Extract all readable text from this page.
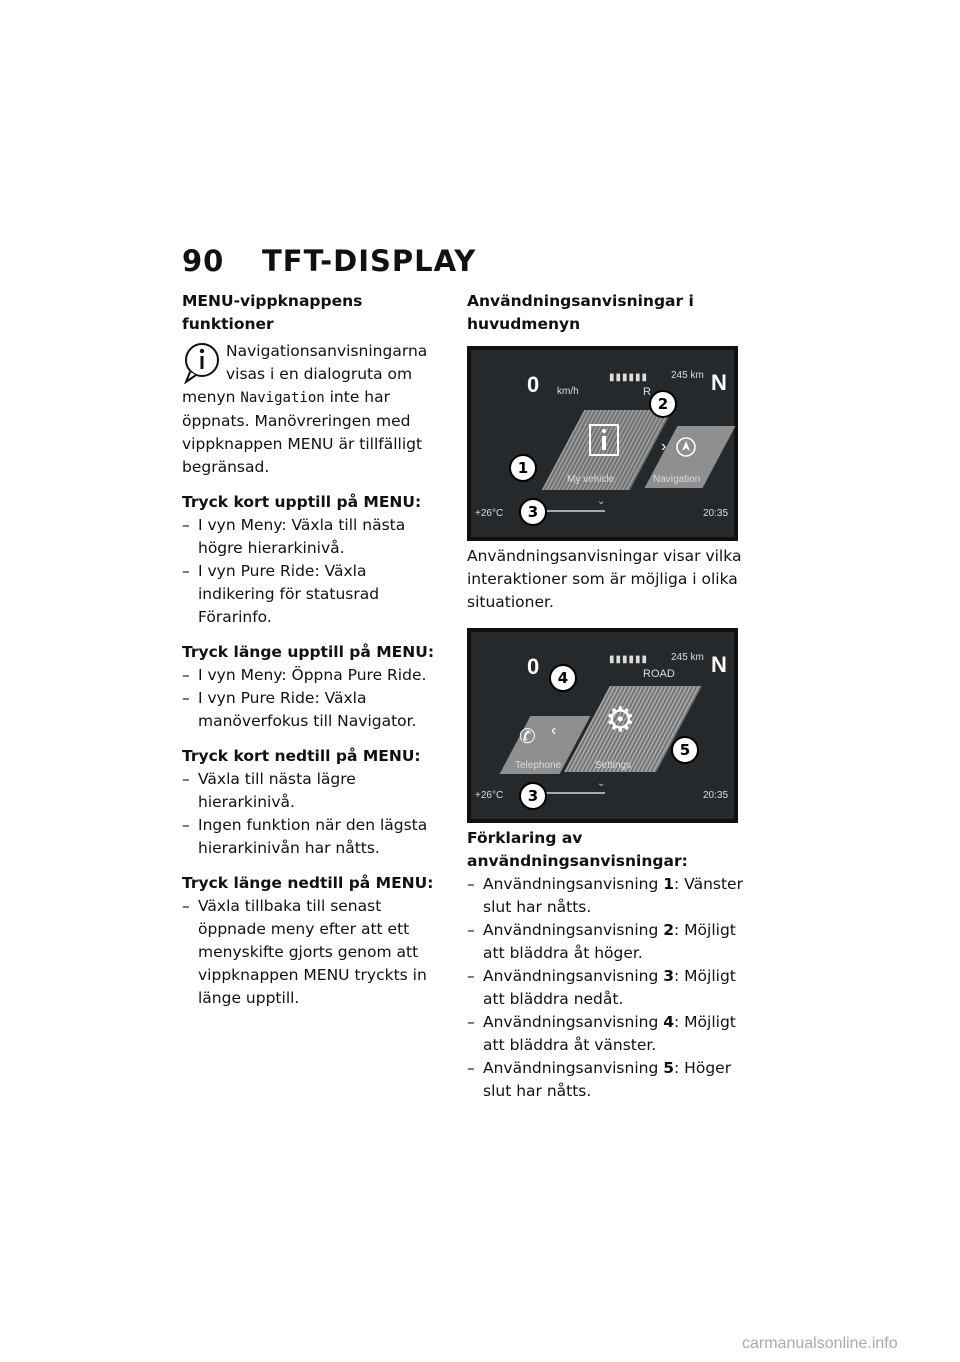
90 TFT-DISPLAY
MENU-vippknappens funktioner

Navigationsanvisningarna visas i en dialogruta om menyn Navigation inte har öppnats. Manövreringen med vippknappen MENU är tillfälligt begränsad.

Tryck kort upptill på MENU:
– I vyn Meny: Växla till nästa högre hierarkinivå.
– I vyn Pure Ride: Växla indikering för statusrad Förarinfo.
Tryck länge upptill på MENU:
– I vyn Meny: Öppna Pure Ride.
– I vyn Pure Ride: Växla manöverfokus till Navigator.
Tryck kort nedtill på MENU:
– Växla till nästa lägre hierarkinivå.
– Ingen funktion när den lägsta hierarkinivån har nåtts.
Tryck länge nedtill på MENU:
– Växla tillbaka till senast öppnade meny efter att ett menyskifte gjorts genom att vippknappen MENU tryckts in länge upptill.
Användningsanvisningar i huvudmenyn
0 km/h
▮▮▮▮▮▮ 245 km
R	N
›
My vehicle	Navigation
+26°C	20:35
⌄
1
2
3

Användningsanvisningar visar vilka interaktioner som är möjliga i olika situationer.

0	▮▮▮▮▮▮ 245 km
ROAD N
✆ ‹ ⚙
Telephone	Settings
+26°C	20:35
⌄
4
5
3
Förklaring av användningsanvisningar:
– Användningsanvisning 1: Vänster slut har nåtts.
– Användningsanvisning 2: Möjligt att bläddra åt höger.
– Användningsanvisning 3: Möjligt att bläddra nedåt.
– Användningsanvisning 4: Möjligt att bläddra åt vänster.
– Användningsanvisning 5: Höger slut har nåtts.
carmanualsonline.info
